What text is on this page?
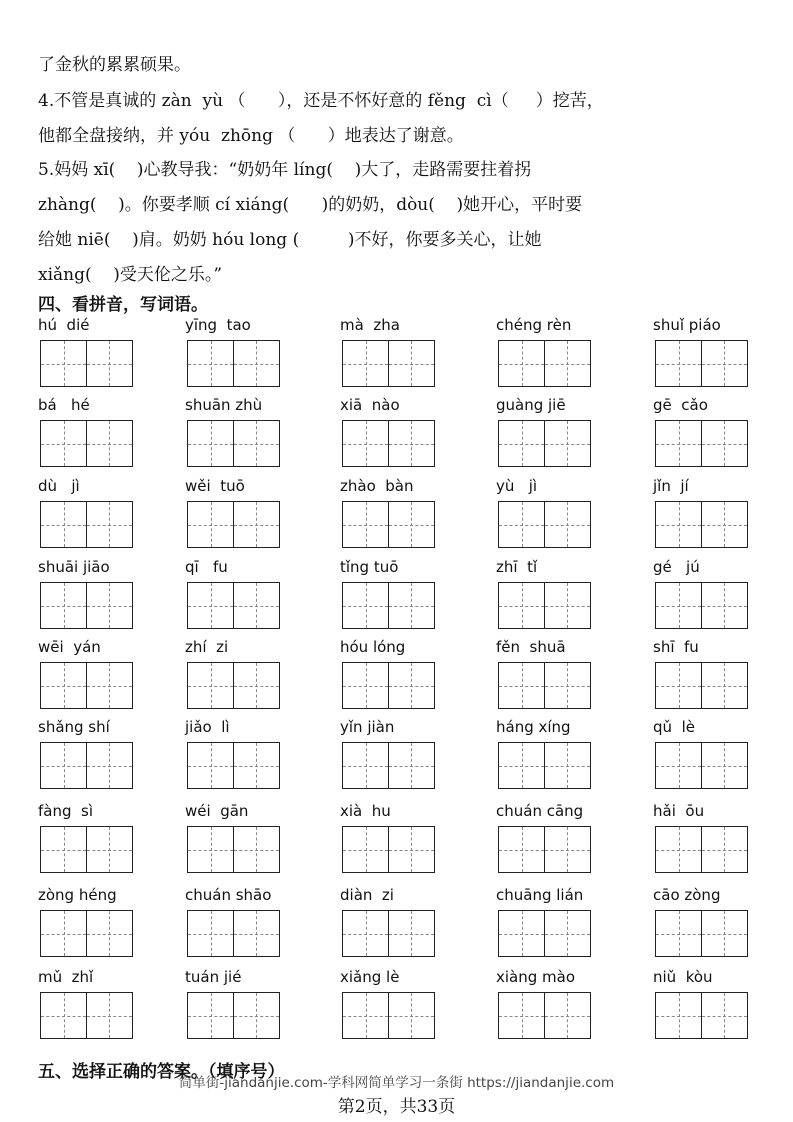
了金秋的累累硕果。
4.不管是真诚的 zàn  yù （      ），还是不怀好意的 fěng  cì（     ）挖苦，
他都全盘接纳，并 yóu  zhōng （      ）地表达了谢意。
5.妈妈 xī(    )心教导我：“奶奶年 líng(    )大了，走路需要拄着拐
zhàng(    )。你要孝顺 cí xiáng(      )的奶奶，dòu(    )她开心，平时要
给她 niē(    )肩。奶奶 hóu long (         )不好，你要多关心，让她
xiǎng(    )受天伦之乐。”
四、看拼音，写词语。
hú  dié	yīng  tao	mà  zha	chéng rèn	shuǐ piáo
bá   hé	shuān zhù	xiā  nào	guàng jiē	gē  cǎo
dù   jì	wěi  tuō	zhào  bàn	yù   jì	jǐn  jí
shuāi jiāo	qī   fu	tǐng tuō	zhī  tǐ	gé   jú
wēi  yán	zhí  zi	hóu lóng	fěn  shuā	shī  fu
shǎng shí	jiǎo  lì	yǐn jiàn	háng xíng	qǔ  lè
fàng  sì	wéi  gān	xià  hu	chuán cāng	hǎi  ōu
zòng héng	chuán shāo	diàn  zi	chuāng lián	cāo zòng
mǔ  zhǐ	tuán jié	xiǎng lè	xiàng mào	niǔ  kòu
五、选择正确的答案。（填序号）
简单街-jiandanjie.com-学科网简单学习一条街 https://jiandanjie.com
第2页，共33页
